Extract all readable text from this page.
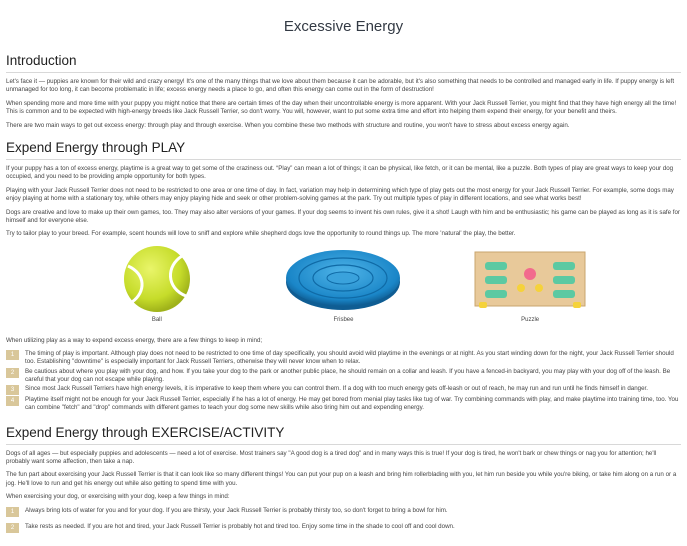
Excessive Energy
Introduction

Let's face it — puppies are known for their wild and crazy energy! It's one of the many things that we love about them because it can be adorable, but it's also something that needs to be controlled and managed early in life. If puppy energy is left unmanaged for too long, it can become problematic in life; excess energy needs a place to go, and often this energy can come out in the form of destruction!

When spending more and more time with your puppy you might notice that there are certain times of the day when their uncontrollable energy is more apparent. With your Jack Russell Terrier, you might find that they have high energy all the time! This is common and to be expected with high-energy breeds like Jack Russell Terrier, so don't worry. You will, however, want to put some extra time and effort into helping them expend their energy, for your benefit and theirs.

There are two main ways to get out excess energy: through play and through exercise. When you combine these two methods with structure and routine, you won't have to stress about excess energy again.

Expend Energy through PLAY

If your puppy has a ton of excess energy, playtime is a great way to get some of the craziness out. “Play” can mean a lot of things; it can be physical, like fetch, or it can be mental, like a puzzle. Both types of play are great ways to keep your dog occupied, and you need to be providing ample opportunity for both types.

Playing with your Jack Russell Terrier does not need to be restricted to one area or one time of day. In fact, variation may help in determining which type of play gets out the most energy for your Jack Russell Terrier. For example, some dogs may enjoy playing at home with a stationary toy, while others may enjoy playing hide and seek or other problem-solving games at the park. Try out multiple types of play in different locations, and see what works best!

Dogs are creative and love to make up their own games, too. They may also alter versions of your games. If your dog seems to invent his own rules, give it a shot! Laugh with him and be enthusiastic; his game can be played as long as it is safe for himself and for everyone else.

Try to tailor play to your breed. For example, scent hounds will love to sniff and explore while shepherd dogs love the opportunity to round things up. The more 'natural' the play, the better.

Ball	Frisbee	Puzzle

When utilizing play as a way to expend excess energy, there are a few things to keep in mind;

1	The timing of play is important. Although play does not need to be restricted to one time of day specifically, you should avoid wild playtime in the evenings or at night. As you start winding down for the night, your Jack Russell Terrier should too. Establishing "downtime" is especially important for Jack Russell Terriers, otherwise they will never know when to relax.
2	Be cautious about where you play with your dog, and how. If you take your dog to the park or another public place, he should remain on a collar and leash. If you have a fenced-in backyard, you may play with your dog off of the leash. Be careful that your dog can not escape while playing.
3	Since most Jack Russell Terriers have high energy levels, it is imperative to keep them where you can control them. If a dog with too much energy gets off-leash or out of reach, he may run and run until he finds himself in danger.
4	Playtime itself might not be enough for your Jack Russell Terrier, especially if he has a lot of energy. He may get bored from menial play tasks like tug of war. Try combining commands with play, and make playtime into training time, too. You can combine "fetch" and "drop" commands with different games to teach your dog some new skills while also tiring him out and expending energy.
Expend Energy through EXERCISE/ACTIVITY

Dogs of all ages — but especially puppies and adolescents — need a lot of exercise. Most trainers say "A good dog is a tired dog" and in many ways this is true! If your dog is tired, he won't bark or chew things or nag you for attention; he'll probably want some affection, then take a nap.

The fun part about exercising your Jack Russell Terrier is that it can look like so many different things! You can put your pup on a leash and bring him rollerblading with you, let him run beside you while you're biking, or take him along on a run or a jog. He'll love to run and get his energy out while also getting to spend time with you.

When exercising your dog, or exercising with your dog, keep a few things in mind:

1	Always bring lots of water for you and for your dog. If you are thirsty, your Jack Russell Terrier is probably thirsty too, so don't forget to bring a bowl for him.
2	Take rests as needed. If you are hot and tired, your Jack Russell Terrier is probably hot and tired too. Enjoy some time in the shade to cool off and cool down.
